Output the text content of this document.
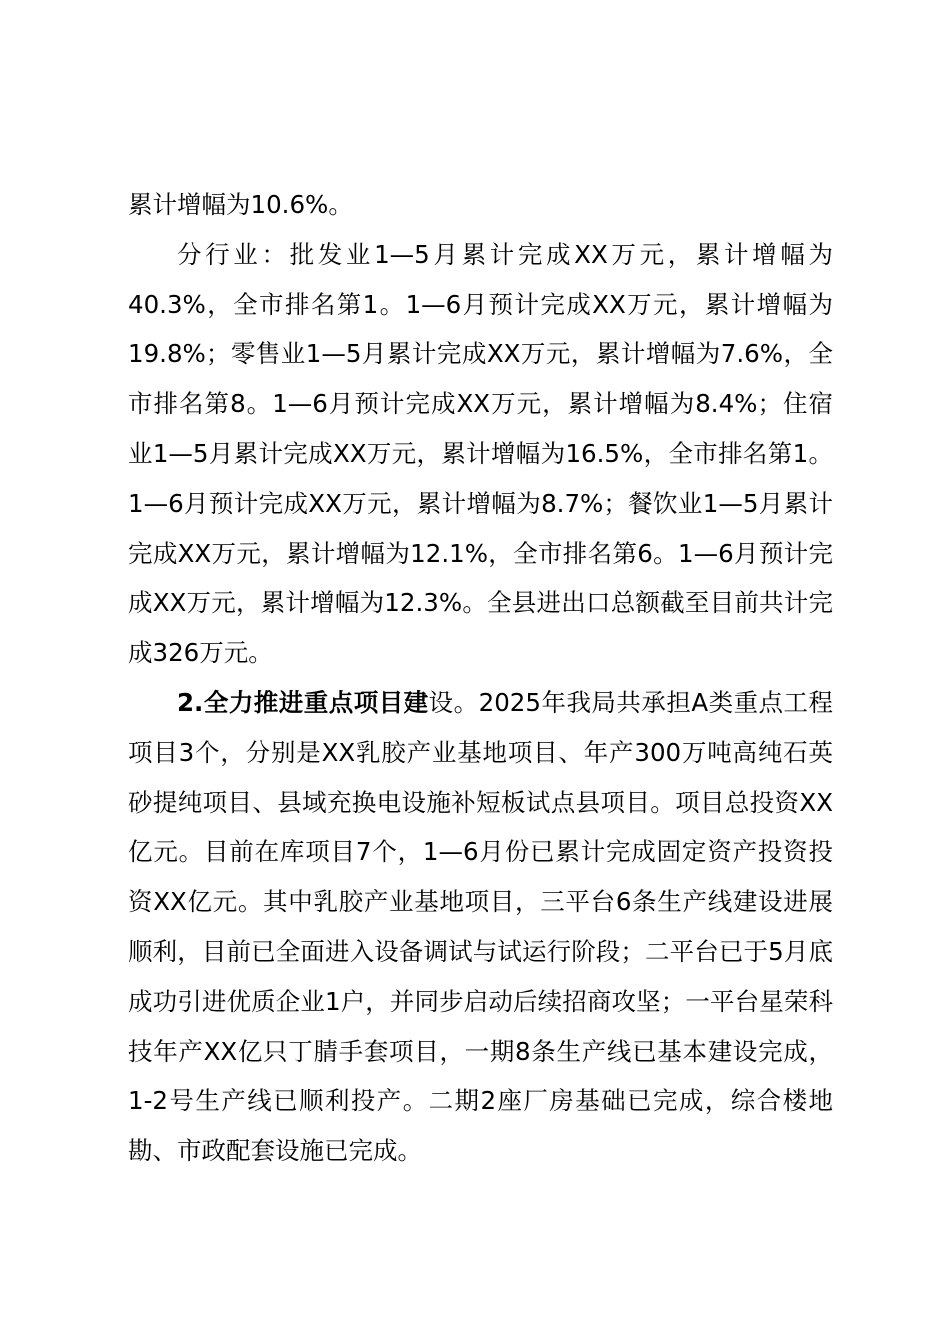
累计增幅为10.6%。

分行业：批发业1—5月累计完成XX万元，累计增幅为40.3%，全市排名第1。1—6月预计完成XX万元，累计增幅为19.8%；零售业1—5月累计完成XX万元，累计增幅为7.6%，全市排名第8。1—6月预计完成XX万元，累计增幅为8.4%；住宿业1—5月累计完成XX万元，累计增幅为16.5%，全市排名第1。1—6月预计完成XX万元，累计增幅为8.7%；餐饮业1—5月累计完成XX万元，累计增幅为12.1%，全市排名第6。1—6月预计完成XX万元，累计增幅为12.3%。全县进出口总额截至目前共计完成326万元。

2.全力推进重点项目建设。2025年我局共承担A类重点工程项目3个，分别是XX乳胶产业基地项目、年产300万吨高纯石英砂提纯项目、县域充换电设施补短板试点县项目。项目总投资XX亿元。目前在库项目7个，1—6月份已累计完成固定资产投资投资XX亿元。其中乳胶产业基地项目，三平台6条生产线建设进展顺利，目前已全面进入设备调试与试运行阶段；二平台已于5月底成功引进优质企业1户，并同步启动后续招商攻坚；一平台星荣科技年产XX亿只丁腈手套项目，一期8条生产线已基本建设完成，1-2号生产线已顺利投产。二期2座厂房基础已完成，综合楼地勘、市政配套设施已完成。
